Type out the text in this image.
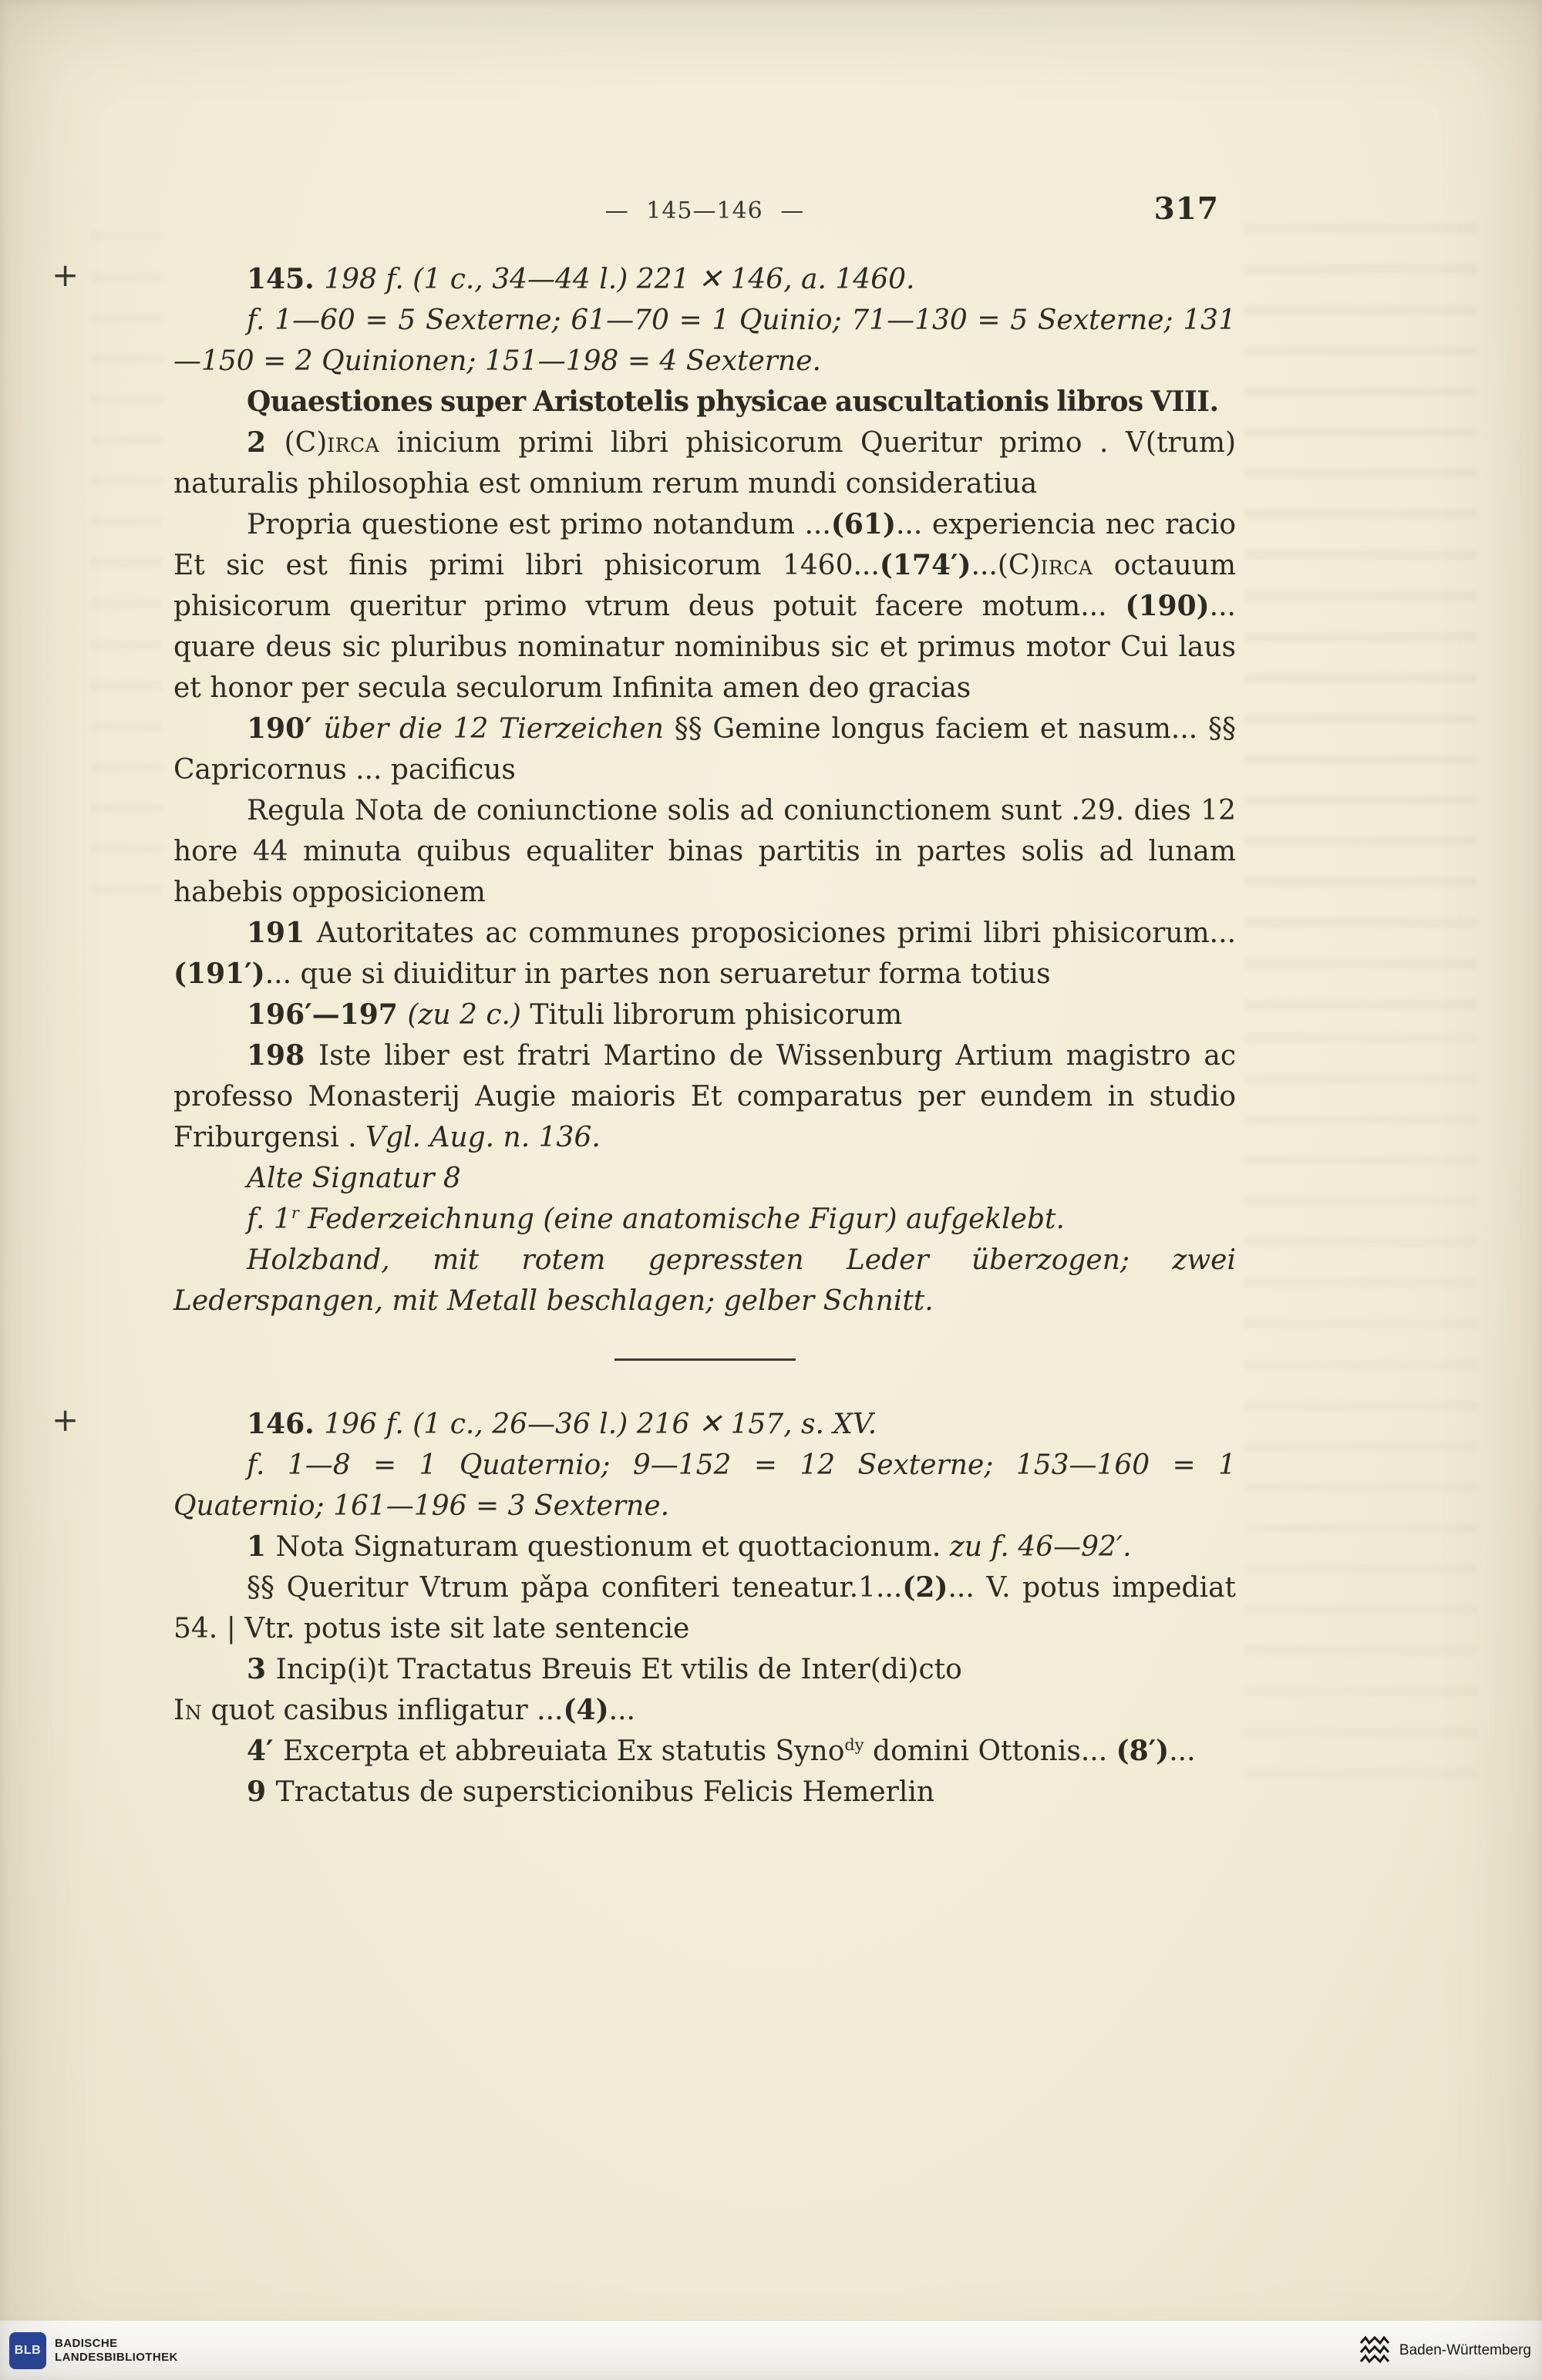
— 145—146 —	317
+	145. 198 f. (1 c., 34—44 l.) 221 ✕ 146, a. 1460.

f. 1—60 = 5 Sexterne; 61—70 = 1 Quinio; 71—130 = 5 Sexterne; 131—150 = 2 Quinionen; 151—198 = 4 Sexterne.

Quaestiones super Aristotelis physicae auscultationis libros VIII.

2 (C)irca inicium primi libri phisicorum Queritur primo . V(trum) naturalis philosophia est omnium rerum mundi consideratiua

Propria questione est primo notandum ...(61)... experiencia nec racio Et sic est finis primi libri phisicorum 1460...(174′)...(C)irca octauum phisicorum queritur primo vtrum deus potuit facere motum... (190)... quare deus sic pluribus nominatur nominibus sic et primus motor Cui laus et honor per secula seculorum Infinita amen deo gracias

190′ über die 12 Tierzeichen §§ Gemine longus faciem et nasum... §§ Capricornus ... pacificus

Regula Nota de coniunctione solis ad coniunctionem sunt .29. dies 12 hore 44 minuta quibus equaliter binas partitis in partes solis ad lunam habebis opposicionem

191 Autoritates ac communes proposiciones primi libri phisicorum... (191′)... que si diuiditur in partes non seruaretur forma totius

196′—197 (zu 2 c.) Tituli librorum phisicorum

198 Iste liber est fratri Martino de Wissenburg Artium magistro ac professo Monasterij Augie maioris Et comparatus per eundem in studio Friburgensi . Vgl. Aug. n. 136.

Alte Signatur 8

f. 1$^r$ Federzeichnung (eine anatomische Figur) aufgeklebt.

Holzband, mit rotem gepressten Leder überzogen; zwei Lederspangen, mit Metall beschlagen; gelber Schnitt.

+	146. 196 f. (1 c., 26—36 l.) 216 ✕ 157, s. XV.

f. 1—8 = 1 Quaternio; 9—152 = 12 Sexterne; 153—160 = 1 Quaternio; 161—196 = 3 Sexterne.

1 Nota Signaturam questionum et quottacionum. zu f. 46—92′.

§§ Queritur Vtrum pǎpa confiteri teneatur.1...(2)... V. potus impediat 54. | Vtr. potus iste sit late sentencie

3 Incip(i)t Tractatus Breuis Et vtilis de Inter(di)cto

In quot casibus infligatur ...(4)...

4′ Excerpta et abbreuiata Ex statutis Syno$^{dy}$ domini Ottonis... (8′)...

9 Tractatus de supersticionibus Felicis Hemerlin

BLB
BADISCHE
LANDESBIBLIOTHEK	Baden-Württemberg
